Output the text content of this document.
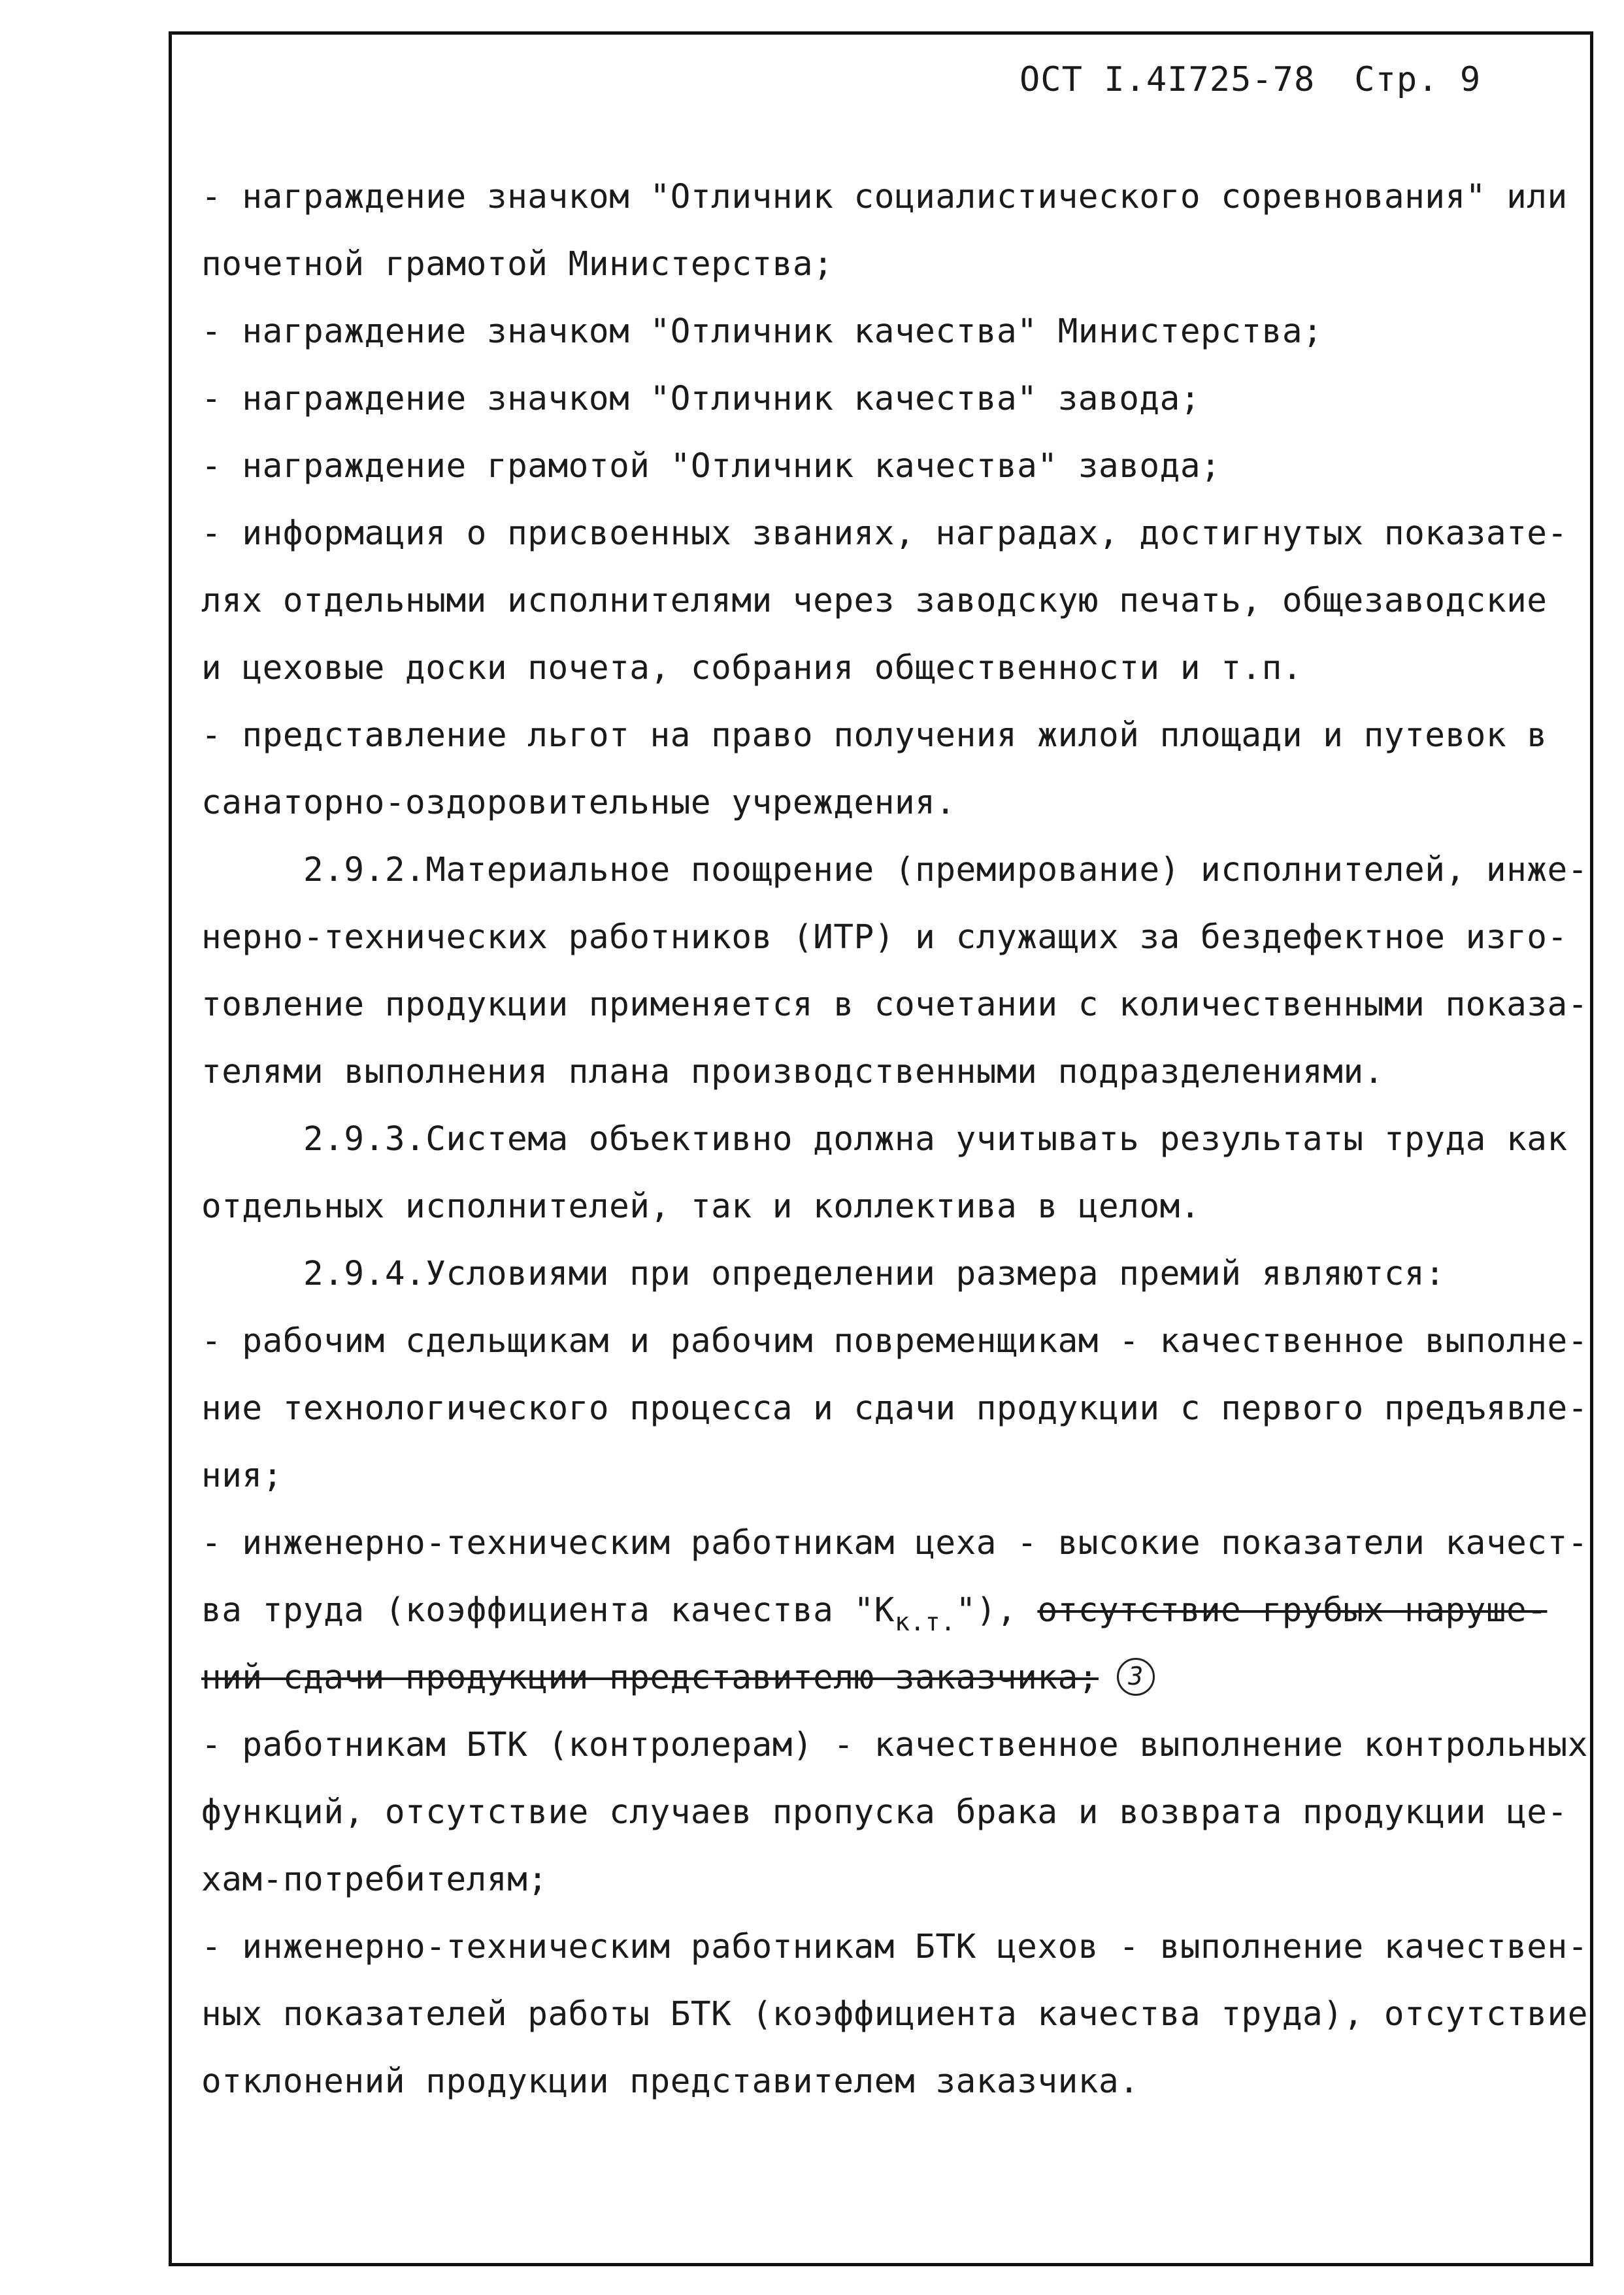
ОСТ I.4I725-78 Стр. 9
- награждение значком "Отличник социалистического соревнования" или
почетной грамотой Министерства;
- награждение значком "Отличник качества" Министерства;
- награждение значком "Отличник качества" завода;
- награждение грамотой "Отличник качества" завода;
- информация о присвоенных званиях, наградах, достигнутых показате-
лях отдельными исполнителями через заводскую печать, общезаводские
и цеховые доски почета, собрания общественности и т.п.
- представление льгот на право получения жилой площади и путевок в
санаторно-оздоровительные учреждения.
2.9.2.Материальное поощрение (премирование) исполнителей, инже-
нерно-технических работников (ИТР) и служащих за бездефектное изго-
товление продукции применяется в сочетании с количественными показа-
телями выполнения плана производственными подразделениями.
2.9.3.Система объективно должна учитывать результаты труда как
отдельных исполнителей, так и коллектива в целом.
2.9.4.Условиями при определении размера премий являются:
- рабочим сдельщикам и рабочим повременщикам - качественное выполне-
ние технологического процесса и сдачи продукции с первого предъявле-
ния;
- инженерно-техническим работникам цеха - высокие показатели качест-
ва труда (коэффициента качества "$К_{к.т.}$"), отсутствие грубых наруше-
ний сдачи продукции представителю заказчика; 3
- работникам БТК (контролерам) - качественное выполнение контрольных
функций, отсутствие случаев пропуска брака и возврата продукции це-
хам-потребителям;
- инженерно-техническим работникам БТК цехов - выполнение качествен-
ных показателей работы БТК (коэффициента качества труда), отсутствие
отклонений продукции представителем заказчика.
